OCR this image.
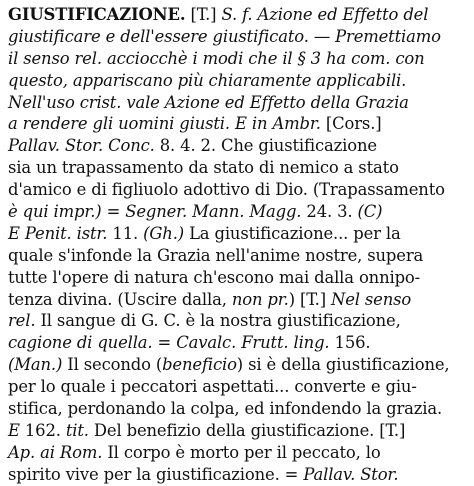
GIUSTIFICAZIONE. [T.] S. f. Azione ed Effetto del
giustificare e dell'essere giustificato. — Premettiamo
il senso rel. acciocchè i modi che il § 3 ha com. con
questo, appariscano più chiaramente applicabili.
Nell'uso crist. vale Azione ed Effetto della Grazia
a rendere gli uomini giusti. E in Ambr. [Cors.]
Pallav. Stor. Conc. 8. 4. 2. Che giustificazione
sia un trapassamento da stato di nemico a stato
d'amico e di figliuolo adottivo di Dio. (Trapassamento
è qui impr.) = Segner. Mann. Magg. 24. 3. (C)
E Penit. istr. 11. (Gh.) La giustificazione... per la
quale s'infonde la Grazia nell'anime nostre, supera
tutte l'opere di natura ch'escono mai dalla onnipo-
tenza divina. (Uscire dalla, non pr.) [T.] Nel senso
rel. Il sangue di G. C. è la nostra giustificazione,
cagione di quella. = Cavalc. Frutt. ling. 156.
(Man.) Il secondo (beneficio) si è della giustificazione,
per lo quale i peccatori aspettati... converte e giu-
stifica, perdonando la colpa, ed infondendo la grazia.
E 162. tit. Del benefizio della giustificazione. [T.]
Ap. ai Rom. Il corpo è morto per il peccato, lo
spirito vive per la giustificazione. = Pallav. Stor.
